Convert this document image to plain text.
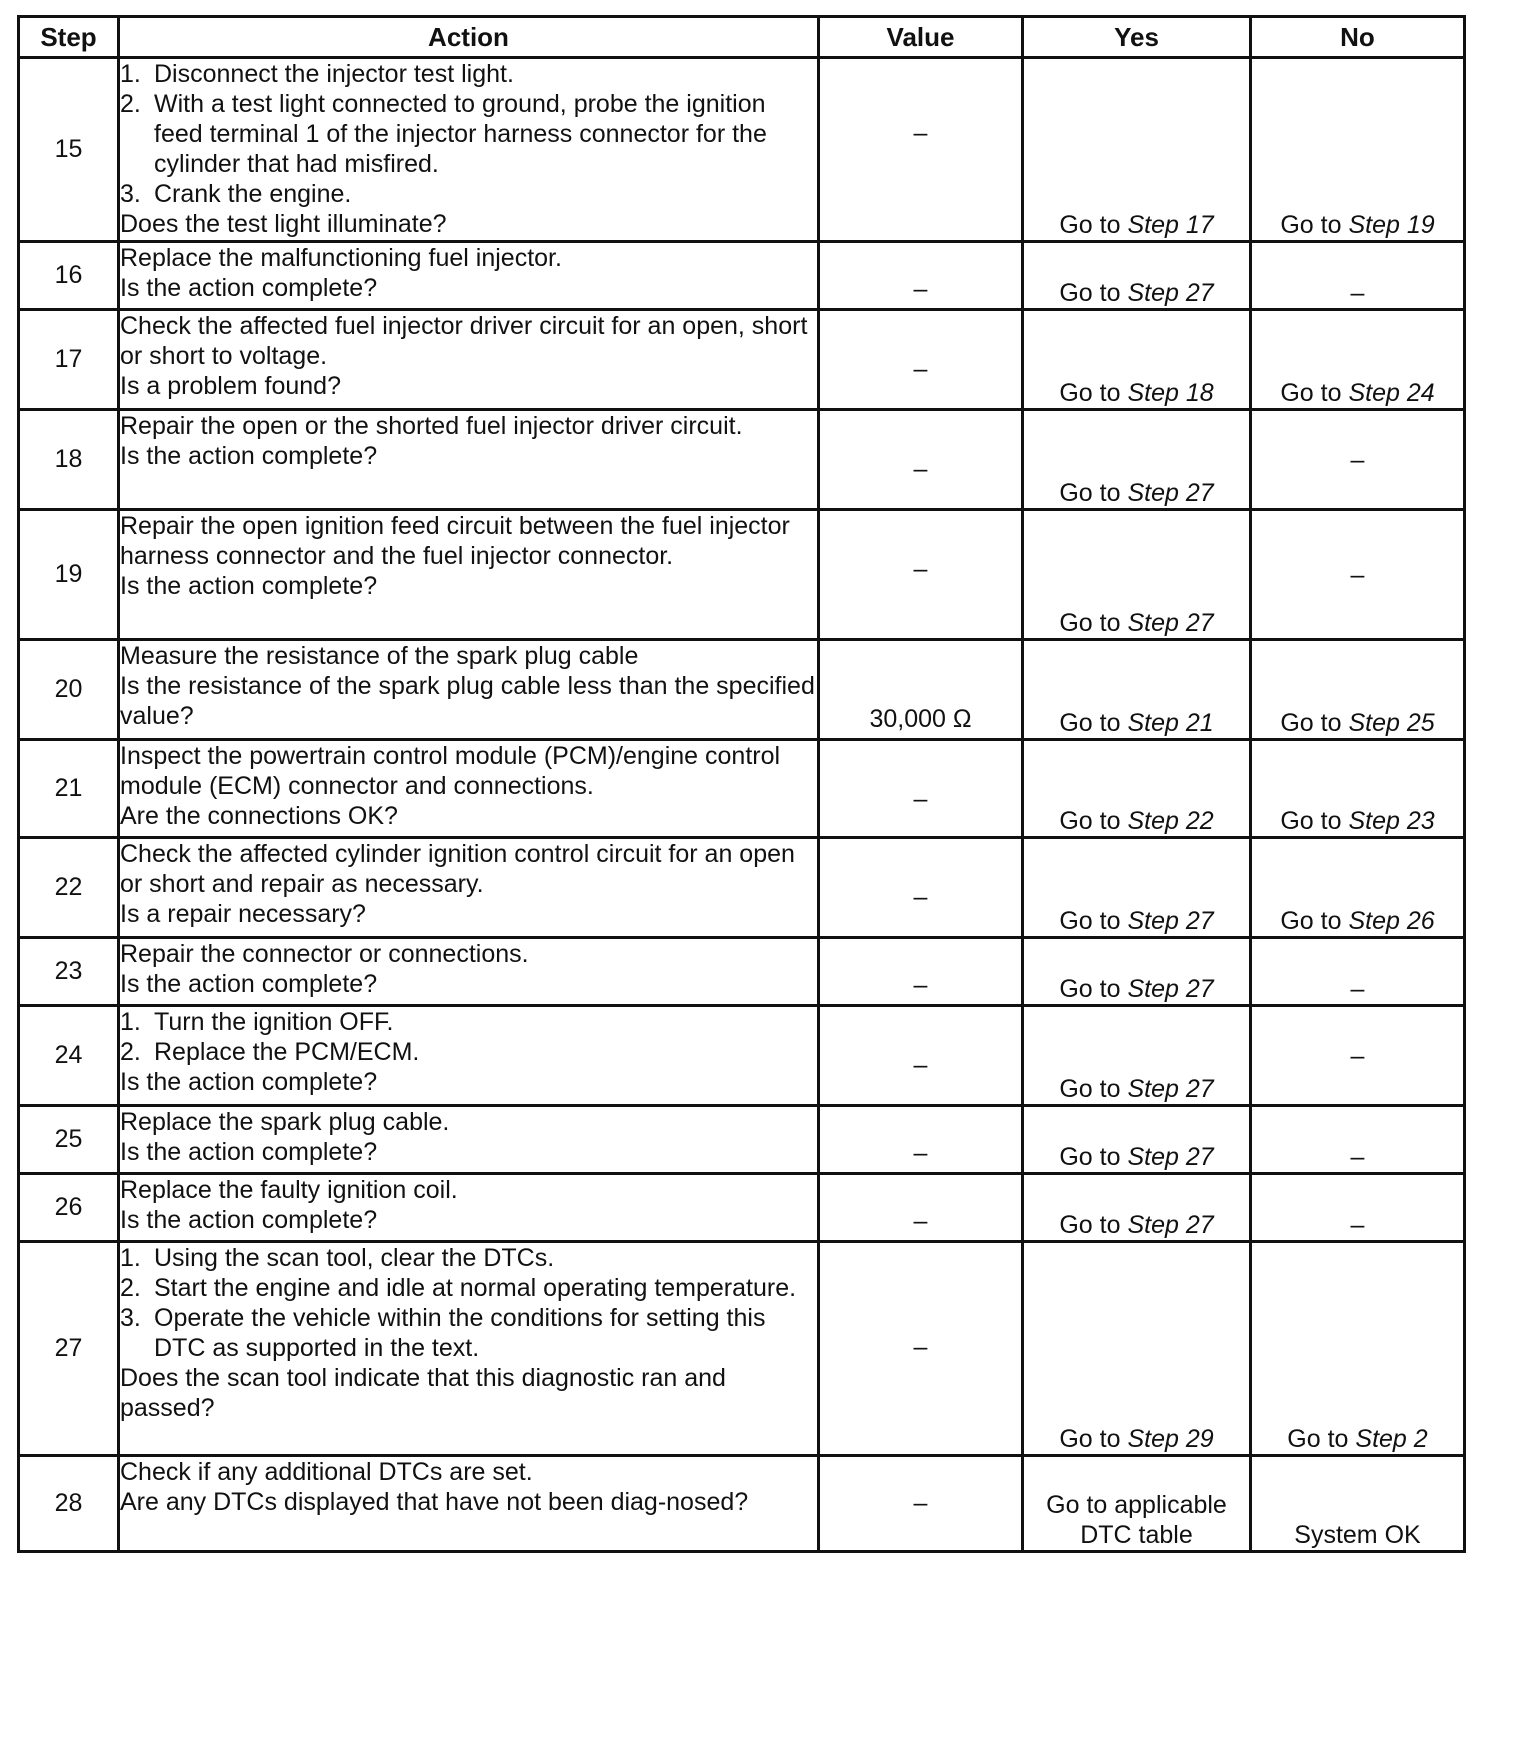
Step	Action	Value	Yes	No
15	1. Disconnect the injector test light.
2. With a test light connected to ground, probe the ignition feed terminal 1 of the injector harness connector for the cylinder that had misfired.
3. Crank the engine.
Does the test light illuminate?	–	Go to Step 17	Go to Step 19
16	Replace the malfunctioning fuel injector.
Is the action complete?	–	Go to Step 27	–
17	Check the affected fuel injector driver circuit for an open, short or short to voltage.
Is a problem found?	–	Go to Step 18	Go to Step 24
18	Repair the open or the shorted fuel injector driver circuit.
Is the action complete?	–	Go to Step 27	–
19	Repair the open ignition feed circuit between the fuel injector harness connector and the fuel injector connector.
Is the action complete?	–	Go to Step 27	–
20	Measure the resistance of the spark plug cable
Is the resistance of the spark plug cable less than the specified value?	30,000 Ω	Go to Step 21	Go to Step 25
21	Inspect the powertrain control module (PCM)/engine control module (ECM) connector and connections.
Are the connections OK?	–	Go to Step 22	Go to Step 23
22	Check the affected cylinder ignition control circuit for an open or short and repair as necessary.
Is a repair necessary?	–	Go to Step 27	Go to Step 26
23	Repair the connector or connections.
Is the action complete?	–	Go to Step 27	–
24	1. Turn the ignition OFF.
2. Replace the PCM/ECM.
Is the action complete?	–	Go to Step 27	–
25	Replace the spark plug cable.
Is the action complete?	–	Go to Step 27	–
26	Replace the faulty ignition coil.
Is the action complete?	–	Go to Step 27	–
27	1. Using the scan tool, clear the DTCs.
2. Start the engine and idle at normal operating temperature.
3. Operate the vehicle within the conditions for setting this DTC as supported in the text.
Does the scan tool indicate that this diagnostic ran and passed?	–	Go to Step 29	Go to Step 2
28	Check if any additional DTCs are set.
Are any DTCs displayed that have not been diag-nosed?	–	Go to applicable DTC table	System OK
